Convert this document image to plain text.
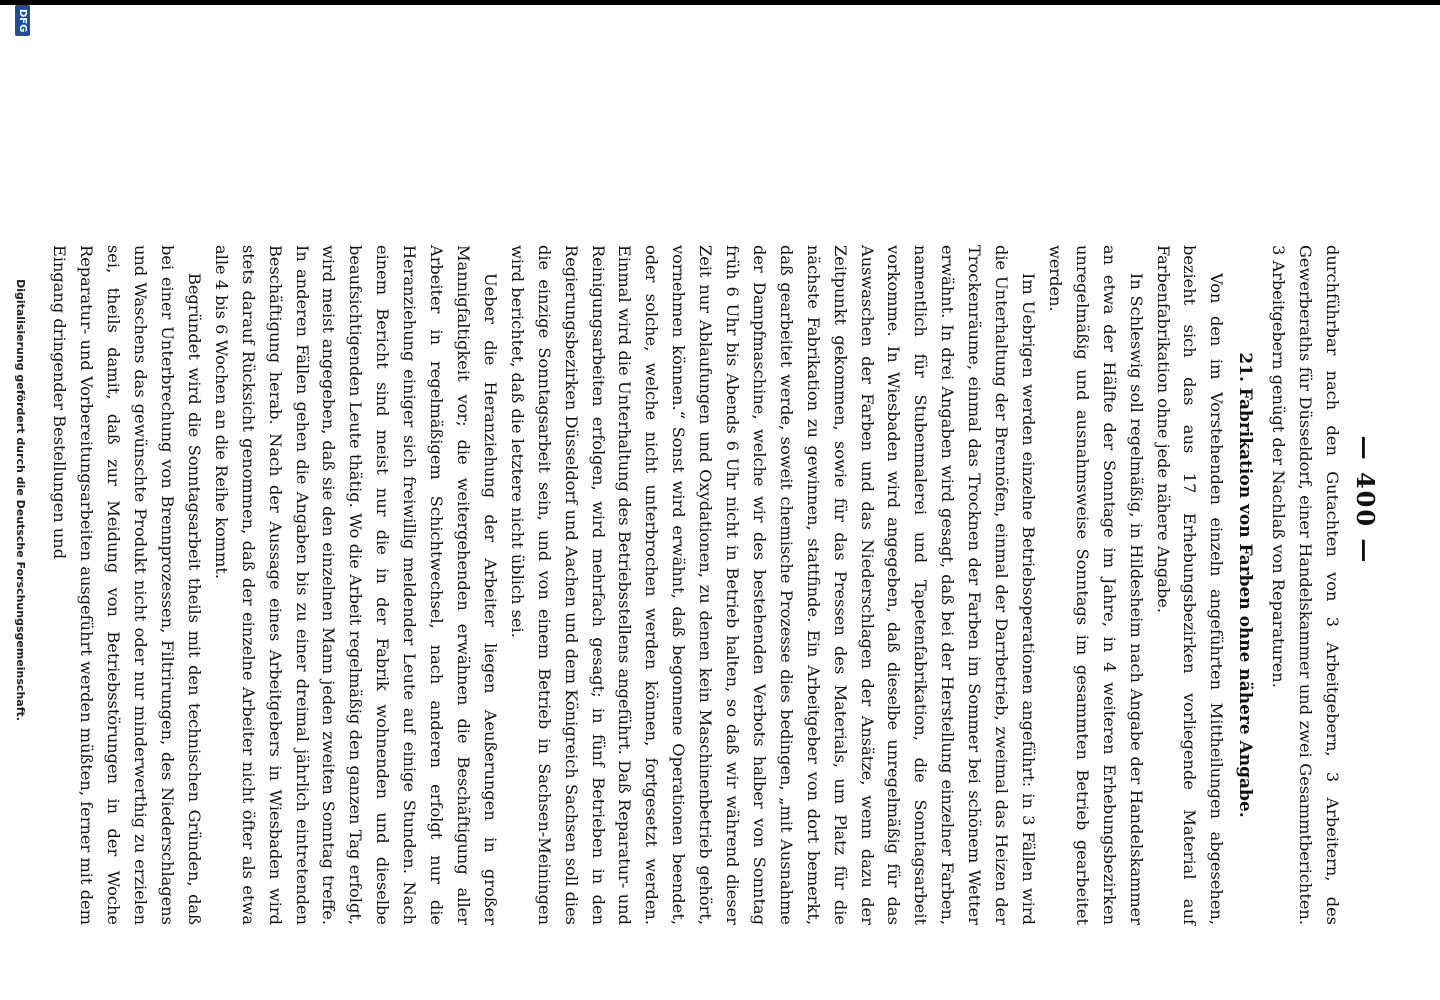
— 400 —

durchführbar nach den Gutachten von 3 Arbeitgebern, 3 Arbeitern, des Gewerberaths für Düsseldorf, einer Handelskammer und zwei Gesammtberichten. 3 Arbeitgebern genügt der Nachlaß von Reparaturen.

21. Fabrikation von Farben ohne nähere Angabe.

Von den im Vorstehenden einzeln angeführten Mittheilungen abgesehen, bezieht sich das aus 17 Erhebungsbezirken vorliegende Material auf Farbenfabrikation ohne jede nähere Angabe.

In Schleswig soll regelmäßig, in Hildesheim nach Angabe der Handelskammer an etwa der Hälfte der Sonntage im Jahre, in 4 weiteren Erhebungsbezirken unregelmäßig und ausnahmsweise Sonntags im gesammten Betrieb gearbeitet werden.

Im Uebrigen werden einzelne Betriebsoperationen angeführt: in 3 Fällen wird die Unterhaltung der Brennöfen, einmal der Darrbetrieb, zweimal das Heizen der Trockenräume, einmal das Trocknen der Farben im Sommer bei schönem Wetter erwähnt. In drei Angaben wird gesagt, daß bei der Herstellung einzelner Farben, namentlich für Stubenmalerei und Tapetenfabrikation, die Sonntagsarbeit vorkomme. In Wiesbaden wird angegeben, daß dieselbe unregelmäßig für das Auswaschen der Farben und das Niederschlagen der Ansätze, wenn dazu der Zeitpunkt gekommen, sowie für das Pressen des Materials, um Platz für die nächste Fabrikation zu gewinnen, stattfinde. Ein Arbeitgeber von dort bemerkt, daß gearbeitet werde, soweit chemische Prozesse dies bedingen, „mit Ausnahme der Dampfmaschine, welche wir des bestehenden Verbots halber von Sonntag früh 6 Uhr bis Abends 6 Uhr nicht in Betrieb halten, so daß wir während dieser Zeit nur Ablaufungen und Oxydationen, zu denen kein Maschinenbetrieb gehört, vornehmen können.“ Sonst wird erwähnt, daß begonnene Operationen beendet, oder solche, welche nicht unterbrochen werden können, fortgesetzt werden. Einmal wird die Unterhaltung des Betriebsstellens angeführt. Daß Reparatur- und Reinigungsarbeiten erfolgen, wird mehrfach gesagt; in fünf Betrieben in den Regierungsbezirken Düsseldorf und Aachen und dem Königreich Sachsen soll dies die einzige Sonntagsarbeit sein, und von einem Betrieb in Sachsen-Meiningen wird berichtet, daß die letztere nicht üblich sei.

Ueber die Heranziehung der Arbeiter liegen Aeußerungen in großer Mannigfaltigkeit vor; die weitergehenden erwähnen die Beschäftigung aller Arbeiter in regelmäßigem Schichtwechsel, nach anderen erfolgt nur die Heranziehung einiger sich freiwillig meldender Leute auf einige Stunden. Nach einem Bericht sind meist nur die in der Fabrik wohnenden und dieselbe beaufsichtigenden Leute thätig. Wo die Arbeit regelmäßig den ganzen Tag erfolgt, wird meist angegeben, daß sie den einzelnen Mann jeden zweiten Sonntag treffe. In anderen Fällen gehen die Angaben bis zu einer dreimal jährlich eintretenden Beschäftigung herab. Nach der Aussage eines Arbeitgebers in Wiesbaden wird stets darauf Rücksicht genommen, daß der einzelne Arbeiter nicht öfter als etwa alle 4 bis 6 Wochen an die Reihe kommt.

Begründet wird die Sonntagsarbeit theils mit den technischen Gründen, daß bei einer Unterbrechung von Brennprozessen, Filtrirungen, des Niederschlagens und Waschens das gewünschte Produkt nicht oder nur minderwerthig zu erzielen sei, theils damit, daß zur Meidung von Betriebsstörungen in der Woche Reparatur- und Vorbereitungsarbeiten ausgeführt werden müßten, ferner mit dem Eingang dringender Bestellungen und

DFG
Digitalisierung gefördert durch die Deutsche Forschungsgemeinschaft.
